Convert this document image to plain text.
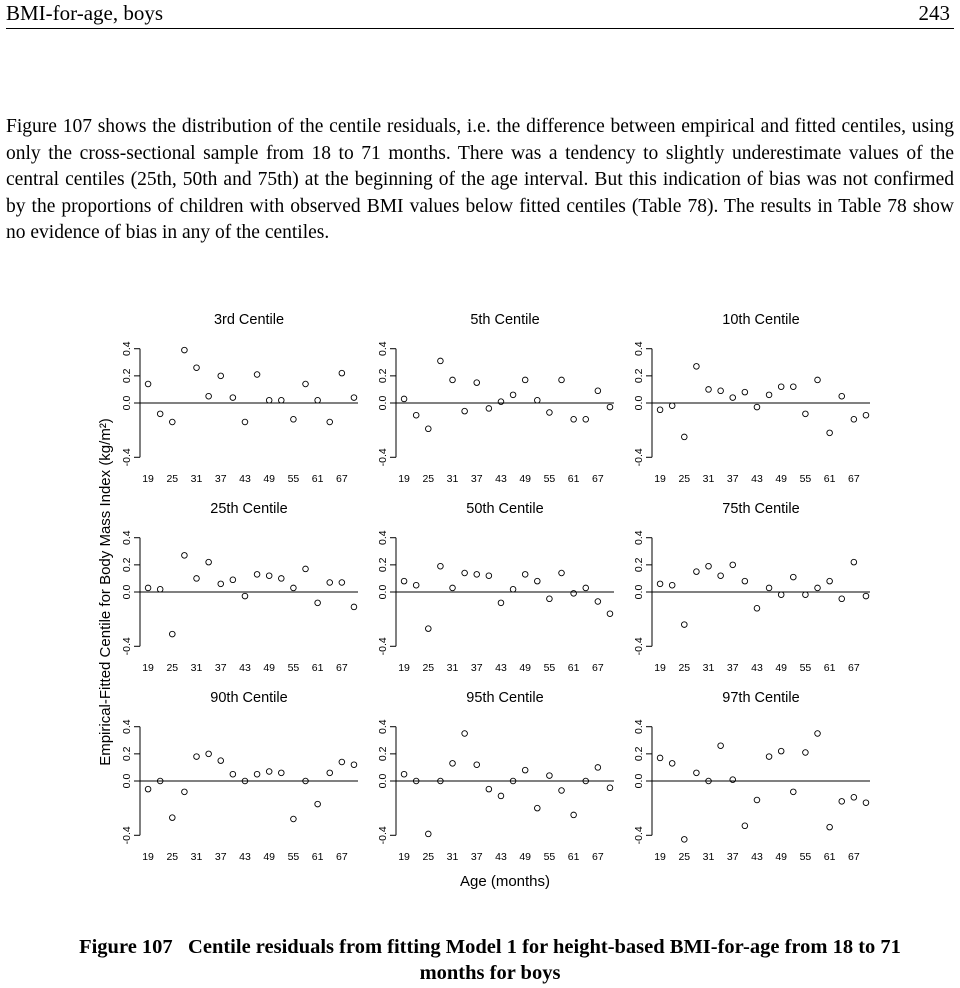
BMI-for-age, boys	243

Figure 107 shows the distribution of the centile residuals, i.e. the difference between empirical and fitted centiles, using only the cross-sectional sample from 18 to 71 months. There was a tendency to slightly underestimate values of the central centiles (25th, 50th and 75th) at the beginning of the age interval. But this indication of bias was not confirmed by the proportions of children with observed BMI values below fitted centiles (Table 78). The results in Table 78 show no evidence of bias in any of the centiles.

3rd Centile
-0.4
0.0
0.2
0.4
19 25 31 37 43 49 55 61 67
5th Centile
-0.4
0.0
0.2
0.4
19 25 31 37 43 49 55 61 67
10th Centile
-0.4
0.0
0.2
0.4
19 25 31 37 43 49 55 61 67
25th Centile
-0.4
0.0
0.2
0.4
19 25 31 37 43 49 55 61 67
50th Centile
-0.4
0.0
0.2
0.4
19 25 31 37 43 49 55 61 67
75th Centile
-0.4
0.0
0.2
0.4
19 25 31 37 43 49 55 61 67
90th Centile
-0.4
0.0
0.2
0.4
19 25 31 37 43 49 55 61 67
95th Centile
-0.4
0.0
0.2
0.4
19 25 31 37 43 49 55 61 67
97th Centile
-0.4
0.0
0.2
0.4
19 25 31 37 43 49 55 61 67
Empirical-Fitted Centile for Body Mass Index (kg/m²)
Age (months)

Figure 107 Centile residuals from fitting Model 1 for height-based BMI-for-age from 18 to 71 months for boys
